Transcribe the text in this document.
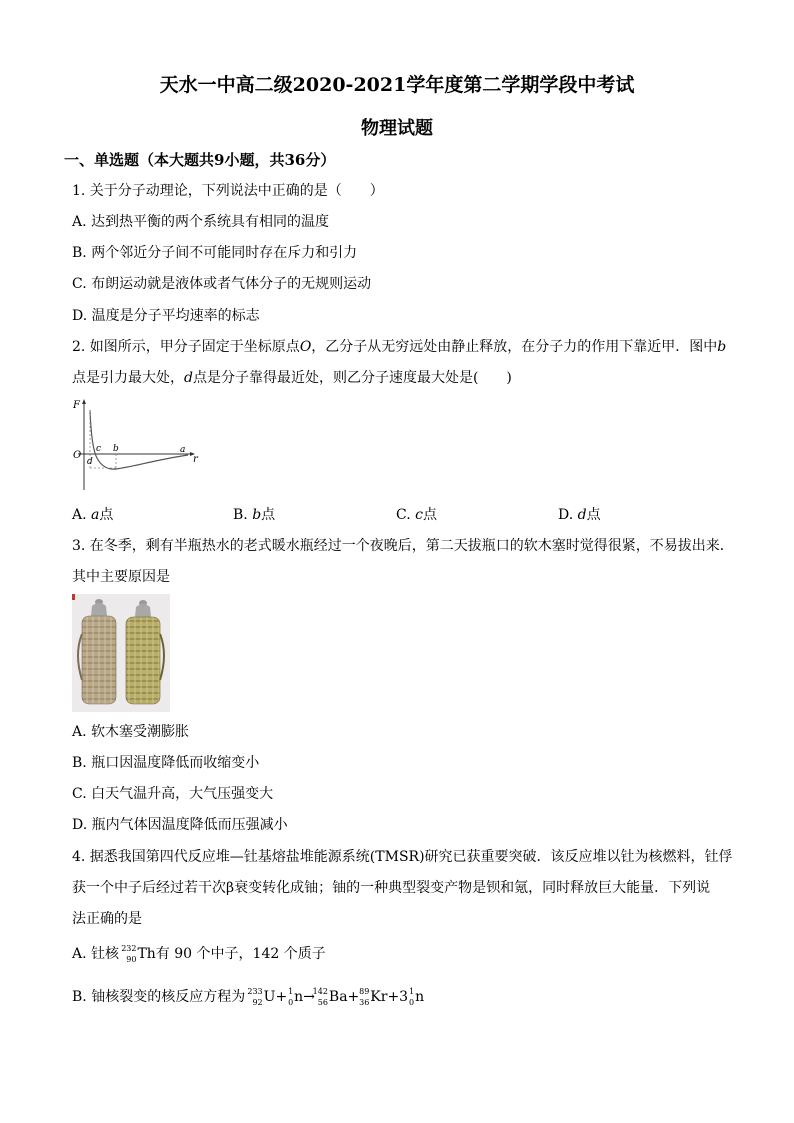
天水一中高二级2020-2021学年度第二学期学段中考试
物理试题
一、单选题（本大题共9小题，共36分）
1. 关于分子动理论，下列说法中正确的是（　　）
A. 达到热平衡的两个系统具有相同的温度
B. 两个邻近分子间不可能同时存在斥力和引力
C. 布朗运动就是液体或者气体分子的无规则运动
D. 温度是分子平均速率的标志
2. 如图所示，甲分子固定于坐标原点O，乙分子从无穷远处由静止释放，在分子力的作用下靠近甲．图中b
点是引力最大处，d点是分子靠得最近处，则乙分子速度最大处是(　　)
F
r
O	a
b
c
d
A. a点	B. b点	C. c点	D. d点
3. 在冬季，剩有半瓶热水的老式暖水瓶经过一个夜晚后，第二天拔瓶口的软木塞时觉得很紧，不易拔出来．
其中主要原因是
A. 软木塞受潮膨胀
B. 瓶口因温度降低而收缩变小
C. 白天气温升高，大气压强变大
D. 瓶内气体因温度降低而压强减小
4. 据悉我国第四代反应堆—钍基熔盐堆能源系统(TMSR)研究已获重要突破．该反应堆以钍为核燃料，钍俘
获一个中子后经过若干次β衰变转化成铀；铀的一种典型裂变产物是钡和氪，同时释放巨大能量．下列说
法正确的是
A. 钍核
232
90 Th有 90 个中子，142 个质子
B. 铀核裂变的核反应方程为
233
92 U+ 1
0 n→
142
56 Ba+ 89
36 Kr+3 1
0 n
